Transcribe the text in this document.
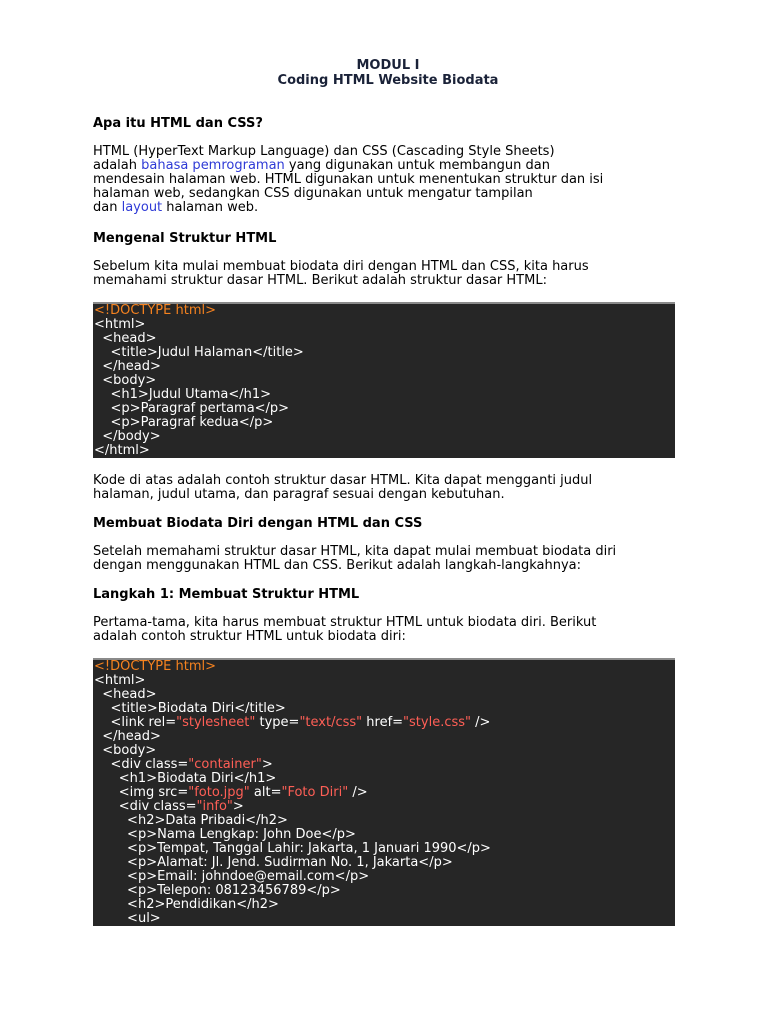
MODUL I
Coding HTML Website Biodata
Apa itu HTML dan CSS?

HTML (HyperText Markup Language) dan CSS (Cascading Style Sheets)
adalah bahasa pemrograman yang digunakan untuk membangun dan
mendesain halaman web. HTML digunakan untuk menentukan struktur dan isi
halaman web, sedangkan CSS digunakan untuk mengatur tampilan
dan layout halaman web.

Mengenal Struktur HTML

Sebelum kita mulai membuat biodata diri dengan HTML dan CSS, kita harus
memahami struktur dasar HTML. Berikut adalah struktur dasar HTML:

<!DOCTYPE html>
<html>
<head>
<title>Judul Halaman</title>
</head>
<body>
<h1>Judul Utama</h1>
<p>Paragraf pertama</p>
<p>Paragraf kedua</p>
</body>
</html>

Kode di atas adalah contoh struktur dasar HTML. Kita dapat mengganti judul
halaman, judul utama, dan paragraf sesuai dengan kebutuhan.

Membuat Biodata Diri dengan HTML dan CSS

Setelah memahami struktur dasar HTML, kita dapat mulai membuat biodata diri
dengan menggunakan HTML dan CSS. Berikut adalah langkah-langkahnya:

Langkah 1: Membuat Struktur HTML

Pertama-tama, kita harus membuat struktur HTML untuk biodata diri. Berikut
adalah contoh struktur HTML untuk biodata diri:

<!DOCTYPE html>
<html>
<head>
<title>Biodata Diri</title>
<link rel="stylesheet" type="text/css" href="style.css" />
</head>
<body>
<div class="container">
<h1>Biodata Diri</h1>
<img src="foto.jpg" alt="Foto Diri" />
<div class="info">
<h2>Data Pribadi</h2>
<p>Nama Lengkap: John Doe</p>
<p>Tempat, Tanggal Lahir: Jakarta, 1 Januari 1990</p>
<p>Alamat: Jl. Jend. Sudirman No. 1, Jakarta</p>
<p>Email: johndoe@email.com</p>
<p>Telepon: 08123456789</p>
<h2>Pendidikan</h2>
<ul>
